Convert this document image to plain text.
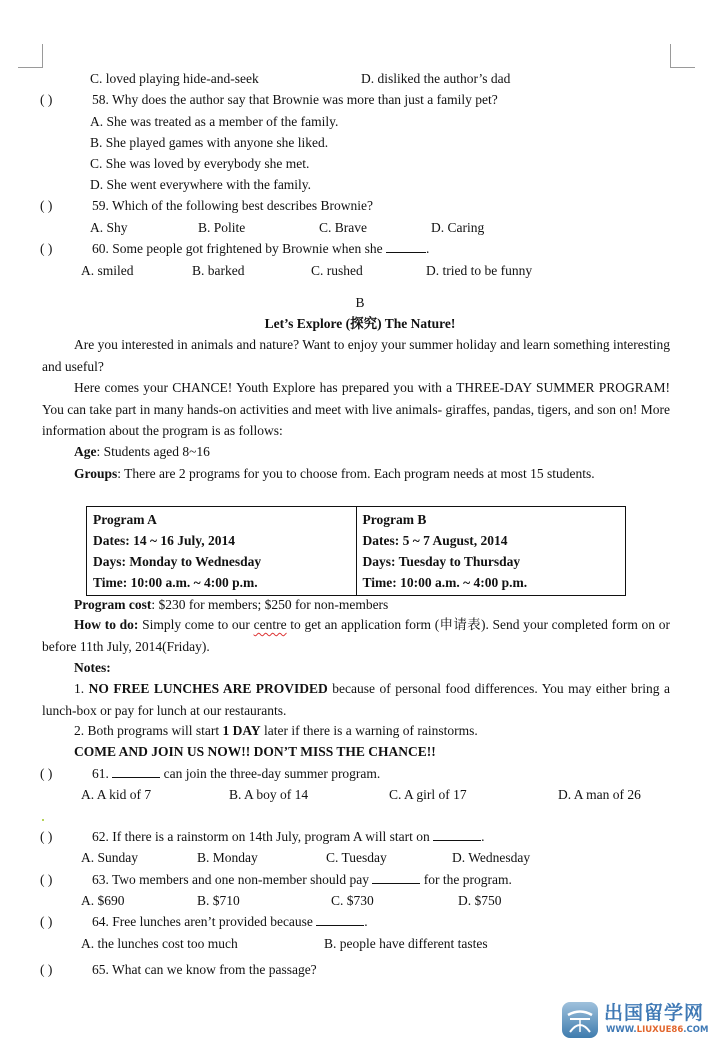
C. loved playing hide-and-seek	D. disliked the author’s dad
( )	58. Why does the author say that Brownie was more than just a family pet?
A. She was treated as a member of the family.
B. She played games with anyone she liked.
C. She was loved by everybody she met.
D. She went everywhere with the family.
( )	59. Which of the following best describes Brownie?
A. Shy	B. Polite	C. Brave	D. Caring
( )	60. Some people got frightened by Brownie when she	.
A. smiled	B. barked	C. rushed	D. tried to be funny
B
Let’s Explore (探究) The Nature!
Are you interested in animals and nature? Want to enjoy your summer holiday and learn something interesting and useful?
Here comes your CHANCE! Youth Explore has prepared you with a THREE-DAY SUMMER PROGRAM! You can take part in many hands-on activities and meet with live animals- giraffes, pandas, tigers, and son on! More information about the program is as follows:
Age: Students aged 8~16
Groups: There are 2 programs for you to choose from. Each program needs at most 15 students.
Program A
Dates: 14 ~ 16 July, 2014
Days: Monday to Wednesday
Time: 10:00 a.m. ~ 4:00 p.m.

Program B
Dates: 5 ~ 7 August, 2014
Days: Tuesday to Thursday
Time: 10:00 a.m. ~ 4:00 p.m.
Program cost: $230 for members; $250 for non-members
How to do: Simply come to our centre to get an application form (申请表). Send your completed form on or before 11th July, 2014(Friday).
Notes:
1. NO FREE LUNCHES ARE PROVIDED because of personal food differences. You may either bring a lunch-box or pay for lunch at our restaurants.
2. Both programs will start 1 DAY later if there is a warning of rainstorms.
COME AND JOIN US NOW!! DON’T MISS THE CHANCE!!
( )	61.	can join the three-day summer program.
A. A kid of 7	B. A boy of 14	C. A girl of 17	D. A man of 26
( )	62. If there is a rainstorm on 14th July, program A will start on	.
A. Sunday	B. Monday	C. Tuesday	D. Wednesday
( )	63. Two members and one non-member should pay	for the program.
A. $690	B. $710	C. $730	D. $750
( )	64. Free lunches aren’t provided because	.
A. the lunches cost too much	B. people have different tastes
( )	65. What can we know from the passage?
出国留学网
WWW.LIUXUE86.COM
